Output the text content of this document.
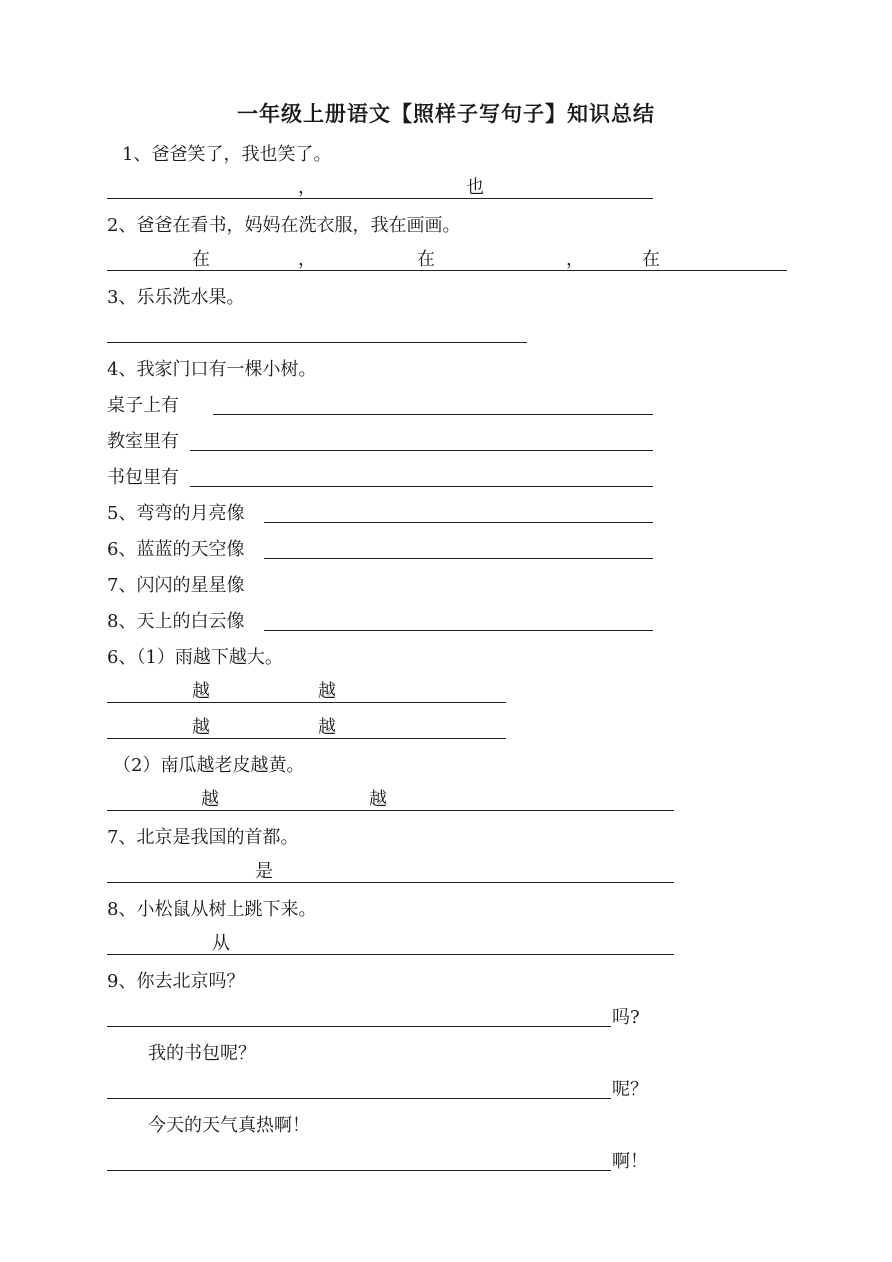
一年级上册语文【照样子写句子】知识总结
1、爸爸笑了，我也笑了。
，	也
2、爸爸在看书，妈妈在洗衣服，我在画画。
在	，	在	，	在
3、乐乐洗水果。
4、我家门口有一棵小树。
桌子上有
教室里有
书包里有
5、弯弯的月亮像
6、蓝蓝的天空像
7、闪闪的星星像
8、天上的白云像
6、（1）雨越下越大。
越	越
越	越
（2）南瓜越老皮越黄。
越	越
7、北京是我国的首都。
是
8、小松鼠从树上跳下来。
从
9、你去北京吗？
吗?
我的书包呢？
呢？
今天的天气真热啊！
啊！
